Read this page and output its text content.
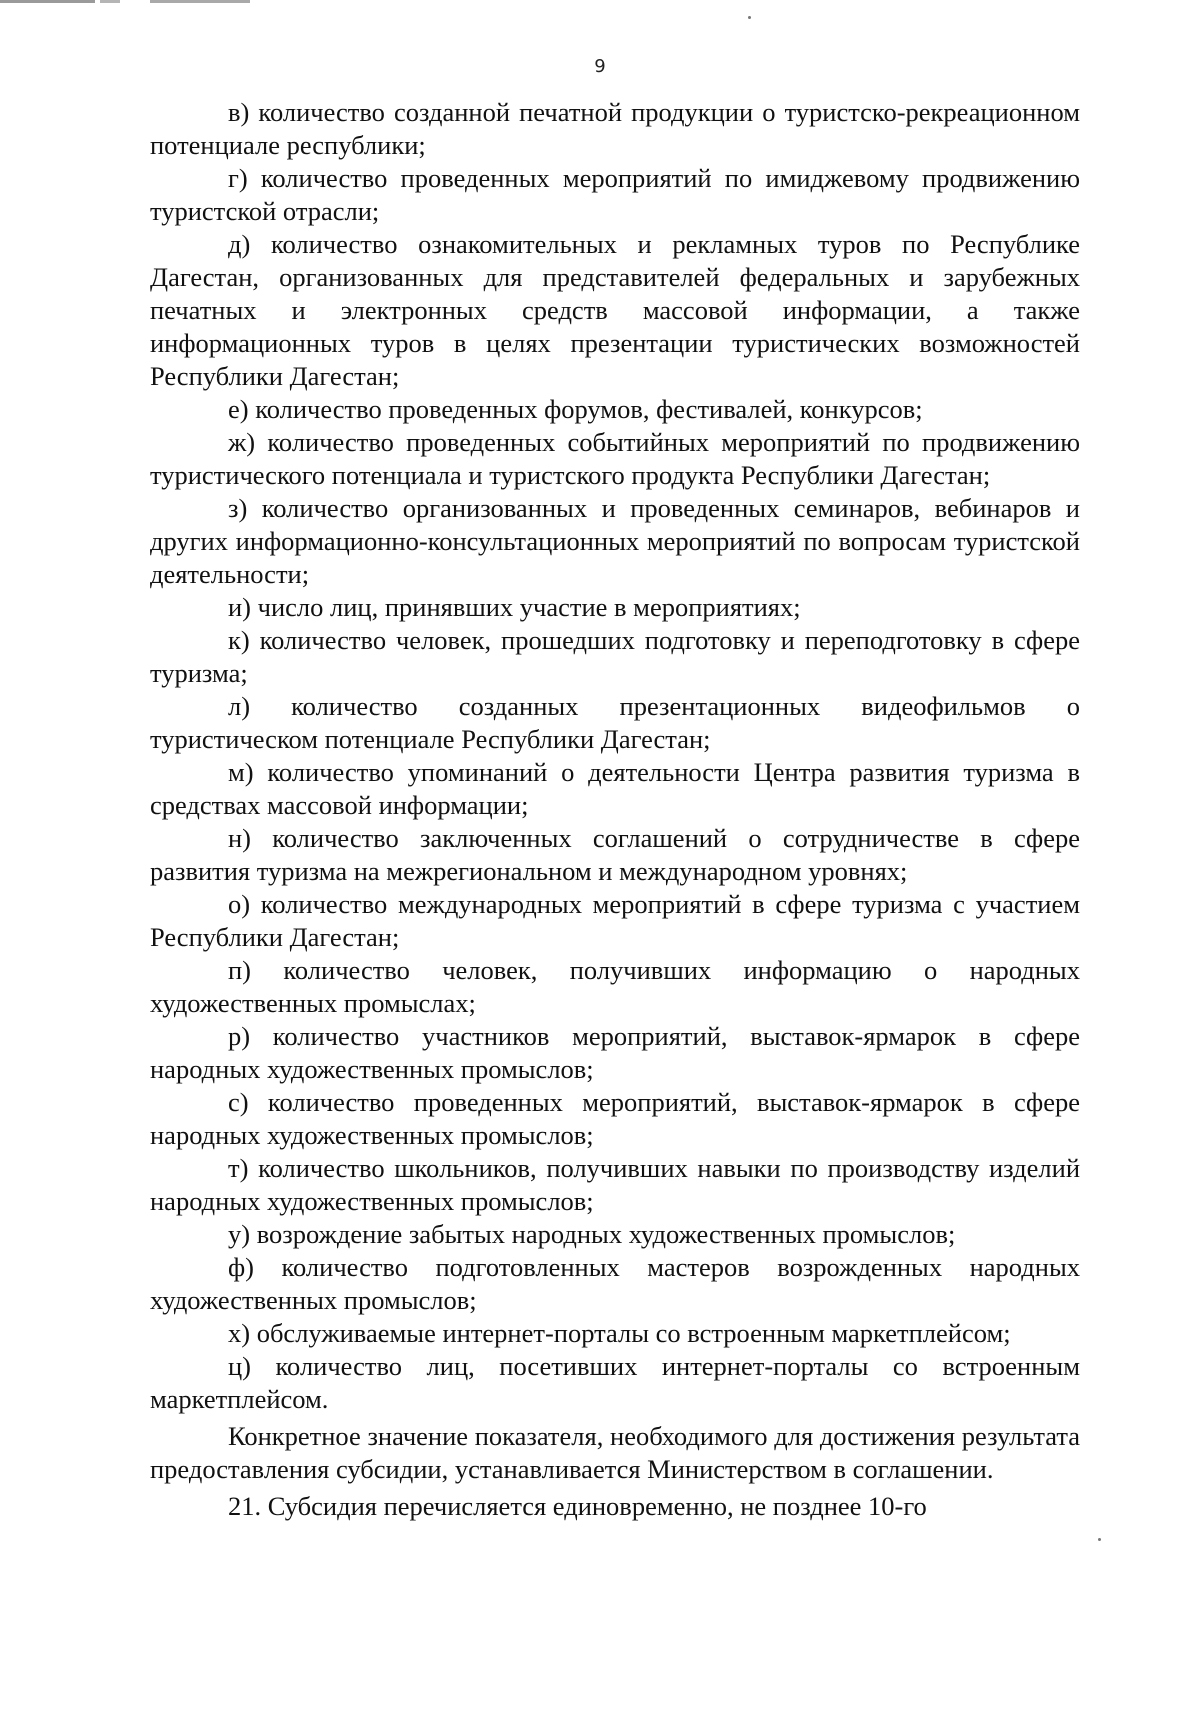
9

в) количество созданной печатной продукции о туристско-рекреационном потенциале республики;

г) количество проведенных мероприятий по имиджевому продвижению туристской отрасли;

д) количество ознакомительных и рекламных туров по Республике Дагестан, организованных для представителей федеральных и зарубежных печатных и электронных средств массовой информации, а также информационных туров в целях презентации туристических возможностей Республики Дагестан;

е) количество проведенных форумов, фестивалей, конкурсов;

ж) количество проведенных событийных мероприятий по продвижению туристического потенциала и туристского продукта Республики Дагестан;

з) количество организованных и проведенных семинаров, вебинаров и других информационно-консультационных мероприятий по вопросам туристской деятельности;

и) число лиц, принявших участие в мероприятиях;

к) количество человек, прошедших подготовку и переподготовку в сфере туризма;

л) количество созданных презентационных видеофильмов о туристическом потенциале Республики Дагестан;

м) количество упоминаний о деятельности Центра развития туризма в средствах массовой информации;

н) количество заключенных соглашений о сотрудничестве в сфере развития туризма на межрегиональном и международном уровнях;

о) количество международных мероприятий в сфере туризма с участием Республики Дагестан;

п) количество человек, получивших информацию о народных художественных промыслах;

р) количество участников мероприятий, выставок-ярмарок в сфере народных художественных промыслов;

с) количество проведенных мероприятий, выставок-ярмарок в сфере народных художественных промыслов;

т) количество школьников, получивших навыки по производству изделий народных художественных промыслов;

у) возрождение забытых народных художественных промыслов;

ф) количество подготовленных мастеров возрожденных народных художественных промыслов;

х) обслуживаемые интернет-порталы со встроенным маркетплейсом;

ц) количество лиц, посетивших интернет-порталы со встроенным маркетплейсом.

Конкретное значение показателя, необходимого для достижения результата предоставления субсидии, устанавливается Министерством в соглашении.

21. Субсидия перечисляется единовременно, не позднее 10-го
